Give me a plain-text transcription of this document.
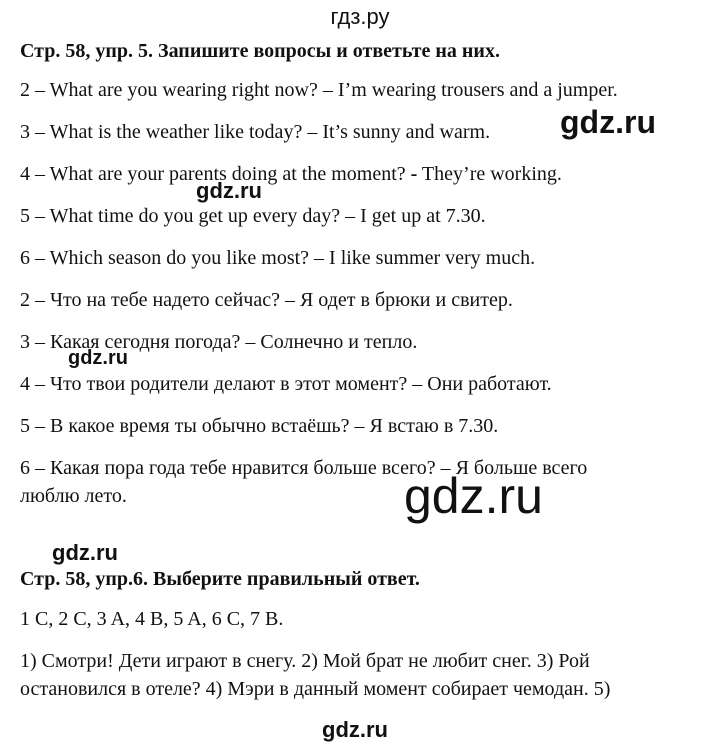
гдз.ру
Стр. 58, упр. 5. Запишите вопросы и ответьте на них.
2 – What are you wearing right now? – I’m wearing trousers and a jumper.
3 – What is the weather like today? – It’s sunny and warm.
4 – What are your parents doing at the moment? - They’re working.
5 – What time do you get up every day? – I get up at 7.30.
6 – Which season do you like most? – I like summer very much.
2 – Что на тебе надето сейчас? – Я одет в брюки и свитер.
3 – Какая сегодня погода? – Солнечно и тепло.
4 – Что твои родители делают в этот момент? – Они работают.
5 – В какое время ты обычно встаёшь? – Я встаю в 7.30.
6 – Какая пора года тебе нравится больше всего? – Я больше всего
люблю лето.
Стр. 58, упр.6. Выберите правильный ответ.
1 C, 2 C, 3 A, 4 B, 5 A, 6 C, 7 B.
1) Смотри! Дети играют в снегу. 2) Мой брат не любит снег. 3) Рой
остановился в отеле? 4) Мэри в данный момент собирает чемодан. 5)
gdz.ru
gdz.ru
gdz.ru
gdz.ru
gdz.ru
gdz.ru
